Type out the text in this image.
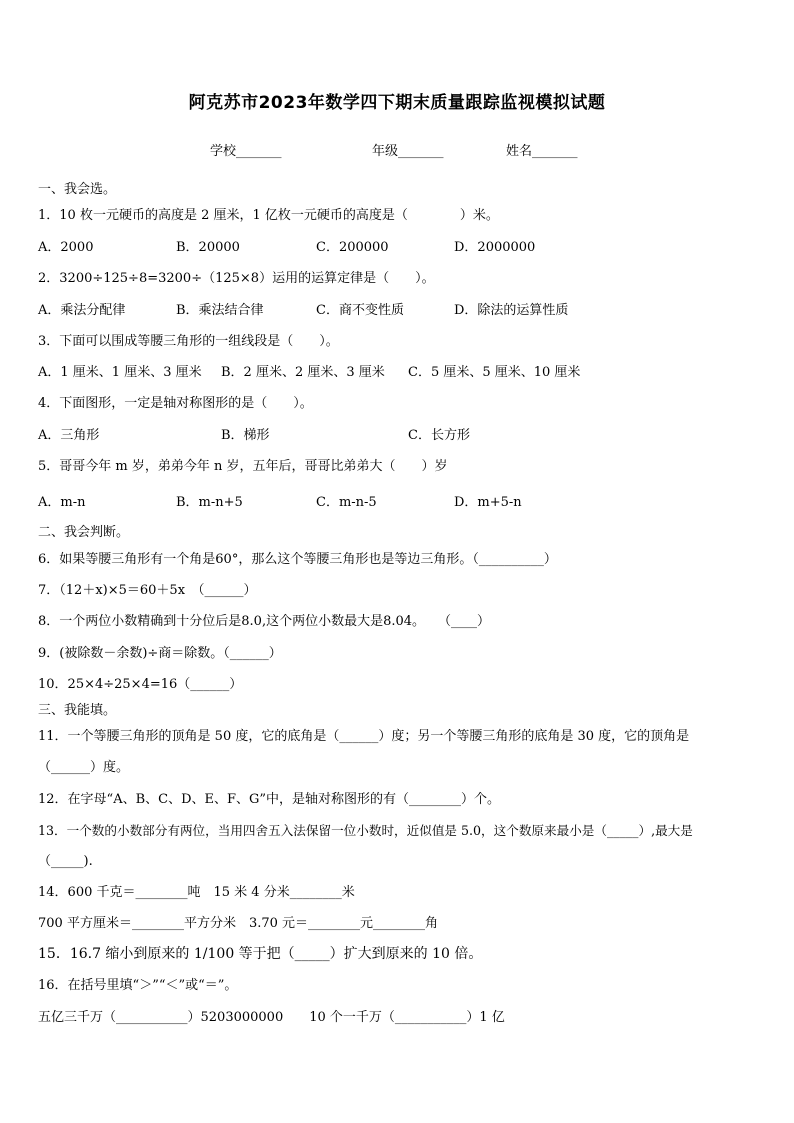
阿克苏市2023年数学四下期末质量跟踪监视模拟试题
学校_______	年级_______	姓名_______
一、我会选。
1．10 枚一元硬币的高度是 2 厘米，1 亿枚一元硬币的高度是（　　　　）米。
A．2000	B．20000	C．200000	D．2000000
2．3200÷125÷8=3200÷（125×8）运用的运算定律是（　　）。
A．乘法分配律	B．乘法结合律	C．商不变性质	D．除法的运算性质
3．下面可以围成等腰三角形的一组线段是（　　）。
A．1 厘米、1 厘米、3 厘米 B．2 厘米、2 厘米、3 厘米 C．5 厘米、5 厘米、10 厘米
4．下面图形，一定是轴对称图形的是（　　）。
A．三角形	B．梯形	C．长方形
5．哥哥今年 m 岁，弟弟今年 n 岁，五年后，哥哥比弟弟大（　　）岁
A．m-n	B．m-n+5	C．m-n-5	D．m+5-n
二、我会判断。
6．如果等腰三角形有一个角是60°，那么这个等腰三角形也是等边三角形。（__________）
7．（12＋x)×5＝60＋5x　（______）
8．一个两位小数精确到十分位后是8.0,这个两位小数最大是8.04。　　（____）
9．(被除数－余数)÷商＝除数。（______）
10．25×4÷25×4=16（______）
三、我能填。
11．一个等腰三角形的顶角是 50 度，它的底角是（______）度；另一个等腰三角形的底角是 30 度，它的顶角是
（______）度。
12．在字母“A、B、C、D、E、F、G”中，是轴对称图形的有（________）个。
13．一个数的小数部分有两位，当用四舍五入法保留一位小数时，近似值是 5.0，这个数原来最小是（_____）,最大是
（_____).
14．600 千克＝________吨　15 米 4 分米________米
700 平方厘米＝________平方分米　3.70 元＝________元________角
15．16.7 缩小到原来的 1/100 等于把（_____）扩大到原来的 10 倍。
16．在括号里填“＞”“＜”或“＝”。
五亿三千万（___________）5203000000　　10 个一千万（___________）1 亿
